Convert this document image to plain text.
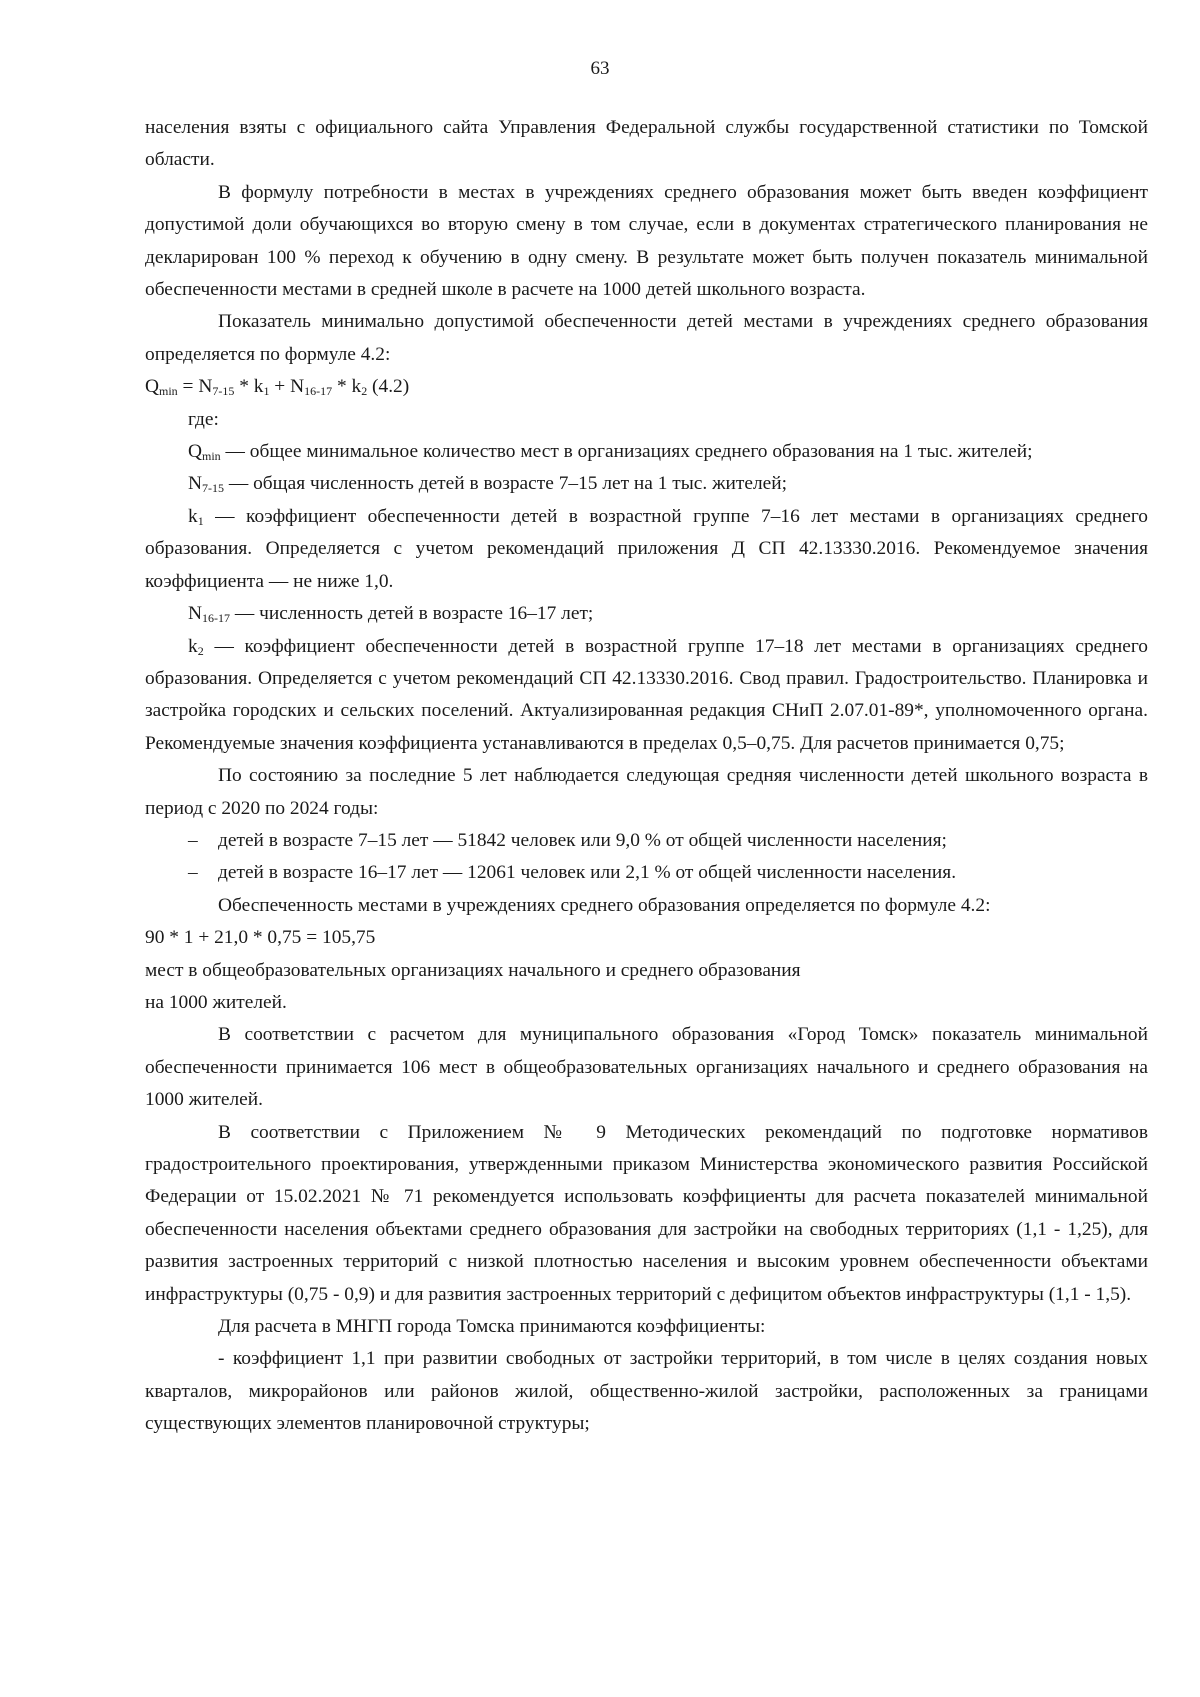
63

населения взяты с официального сайта Управления Федеральной службы государственной статистики по Томской области.

В формулу потребности в местах в учреждениях среднего образования может быть введен коэффициент допустимой доли обучающихся во вторую смену в том случае, если в документах стратегического планирования не декларирован 100 % переход к обучению в одну смену. В результате может быть получен показатель минимальной обеспеченности местами в средней школе в расчете на 1000 детей школьного возраста.

Показатель минимально допустимой обеспеченности детей местами в учреждениях среднего образования определяется по формуле 4.2:

$Q_{min} = N_{7-15} * k_1 + N_{16-17} * k_2$ (4.2)

где:

$Q_{min}$ — общее минимальное количество мест в организациях среднего образования на 1 тыс. жителей;

$N_{7-15}$ — общая численность детей в возрасте 7–15 лет на 1 тыс. жителей;

$k_1$ — коэффициент обеспеченности детей в возрастной группе 7–16 лет местами в организациях среднего образования. Определяется с учетом рекомендаций приложения Д СП 42.13330.2016. Рекомендуемое значения коэффициента — не ниже 1,0.

$N_{16-17}$ — численность детей в возрасте 16–17 лет;

$k_2$ — коэффициент обеспеченности детей в возрастной группе 17–18 лет местами в организациях среднего образования. Определяется с учетом рекомендаций СП 42.13330.2016. Свод правил. Градостроительство. Планировка и застройка городских и сельских поселений. Актуализированная редакция СНиП 2.07.01-89*, уполномоченного органа. Рекомендуемые значения коэффициента устанавливаются в пределах 0,5–0,75. Для расчетов принимается 0,75;

По состоянию за последние 5 лет наблюдается следующая средняя численности детей школьного возраста в период с 2020 по 2024 годы:

– детей в возрасте 7–15 лет — 51842 человек или 9,0 % от общей численности населения;

– детей в возрасте 16–17 лет — 12061 человек или 2,1 % от общей численности населения.

Обеспеченность местами в учреждениях среднего образования определяется по формуле 4.2:

90 * 1 + 21,0 * 0,75 = 105,75

мест в общеобразовательных организациях начального и среднего образования

на 1000 жителей.

В соответствии с расчетом для муниципального образования «Город Томск» показатель минимальной обеспеченности принимается 106 мест в общеобразовательных организациях начального и среднего образования на 1000 жителей.

В соответствии с Приложением № 9 Методических рекомендаций по подготовке нормативов градостроительного проектирования, утвержденными приказом Министерства экономического развития Российской Федерации от 15.02.2021 № 71 рекомендуется использовать коэффициенты для расчета показателей минимальной обеспеченности населения объектами среднего образования для застройки на свободных территориях (1,1 - 1,25), для развития застроенных территорий с низкой плотностью населения и высоким уровнем обеспеченности объектами инфраструктуры (0,75 - 0,9) и для развития застроенных территорий с дефицитом объектов инфраструктуры (1,1 - 1,5).

Для расчета в МНГП города Томска принимаются коэффициенты:

- коэффициент 1,1 при развитии свободных от застройки территорий, в том числе в целях создания новых кварталов, микрорайонов или районов жилой, общественно-жилой застройки, расположенных за границами существующих элементов планировочной структуры;
